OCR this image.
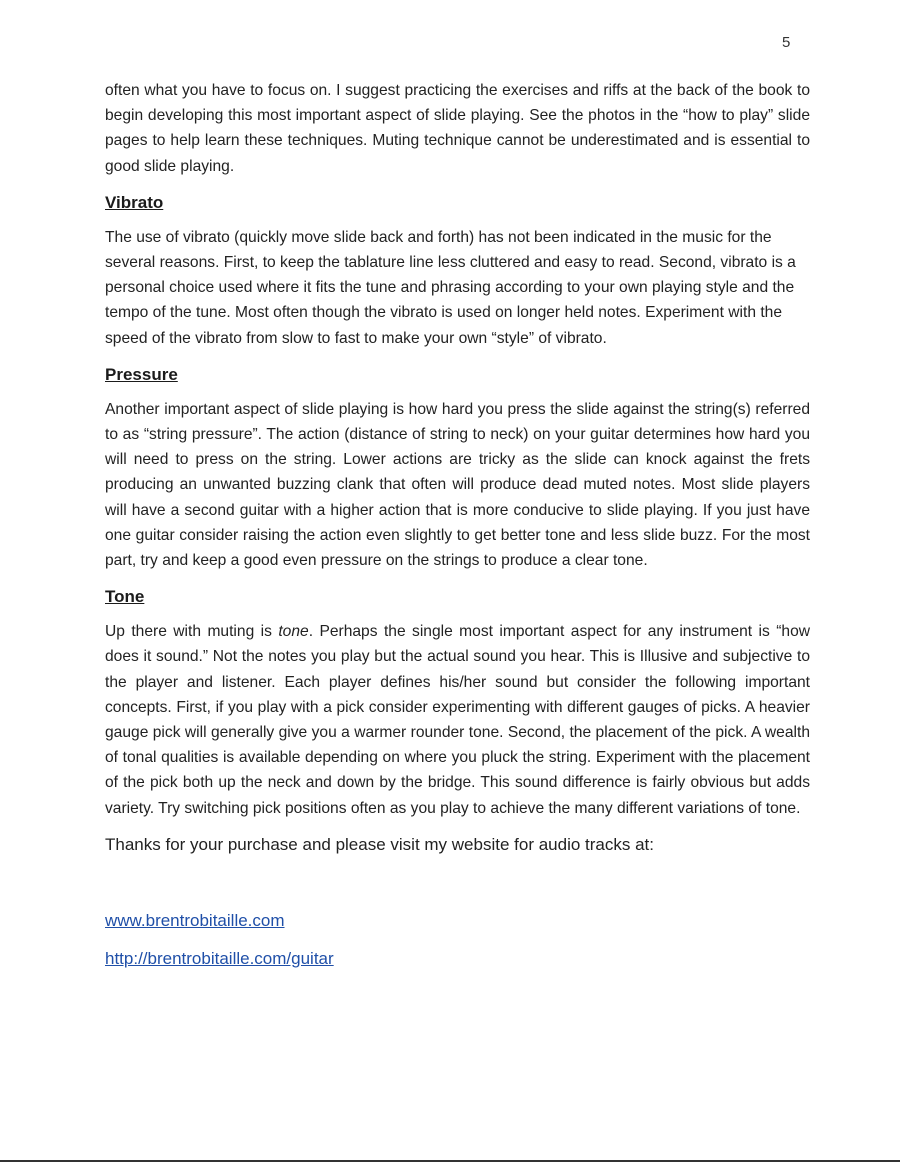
5

often what you have to focus on. I suggest practicing the exercises and riffs at the back of the book to begin developing this most important aspect of slide playing. See the photos in the “how to play” slide pages to help learn these techniques. Muting technique cannot be underestimated and is essential to good slide playing.

Vibrato

The use of vibrato (quickly move slide back and forth) has not been indicated in the music for the several reasons. First, to keep the tablature line less cluttered and easy to read. Second, vibrato is a personal choice used where it fits the tune and phrasing according to your own playing style and the tempo of the tune. Most often though the vibrato is used on longer held notes. Experiment with the speed of the vibrato from slow to fast to make your own “style” of vibrato.

Pressure

Another important aspect of slide playing is how hard you press the slide against the string(s) referred to as “string pressure”. The action (distance of string to neck) on your guitar determines how hard you will need to press on the string. Lower actions are tricky as the slide can knock against the frets producing an unwanted buzzing clank that often will produce dead muted notes. Most slide players will have a second guitar with a higher action that is more conducive to slide playing. If you just have one guitar consider raising the action even slightly to get better tone and less slide buzz. For the most part, try and keep a good even pressure on the strings to produce a clear tone.

Tone

Up there with muting is tone. Perhaps the single most important aspect for any instrument is “how does it sound.” Not the notes you play but the actual sound you hear. This is Illusive and subjective to the player and listener. Each player defines his/her sound but consider the following important concepts. First, if you play with a pick consider experimenting with different gauges of picks. A heavier gauge pick will generally give you a warmer rounder tone. Second, the placement of the pick. A wealth of tonal qualities is available depending on where you pluck the string. Experiment with the placement of the pick both up the neck and down by the bridge. This sound difference is fairly obvious but adds variety. Try switching pick positions often as you play to achieve the many different variations of tone.

Thanks for your purchase and please visit my website for audio tracks at:

www.brentrobitaille.com
http://brentrobitaille.com/guitar
